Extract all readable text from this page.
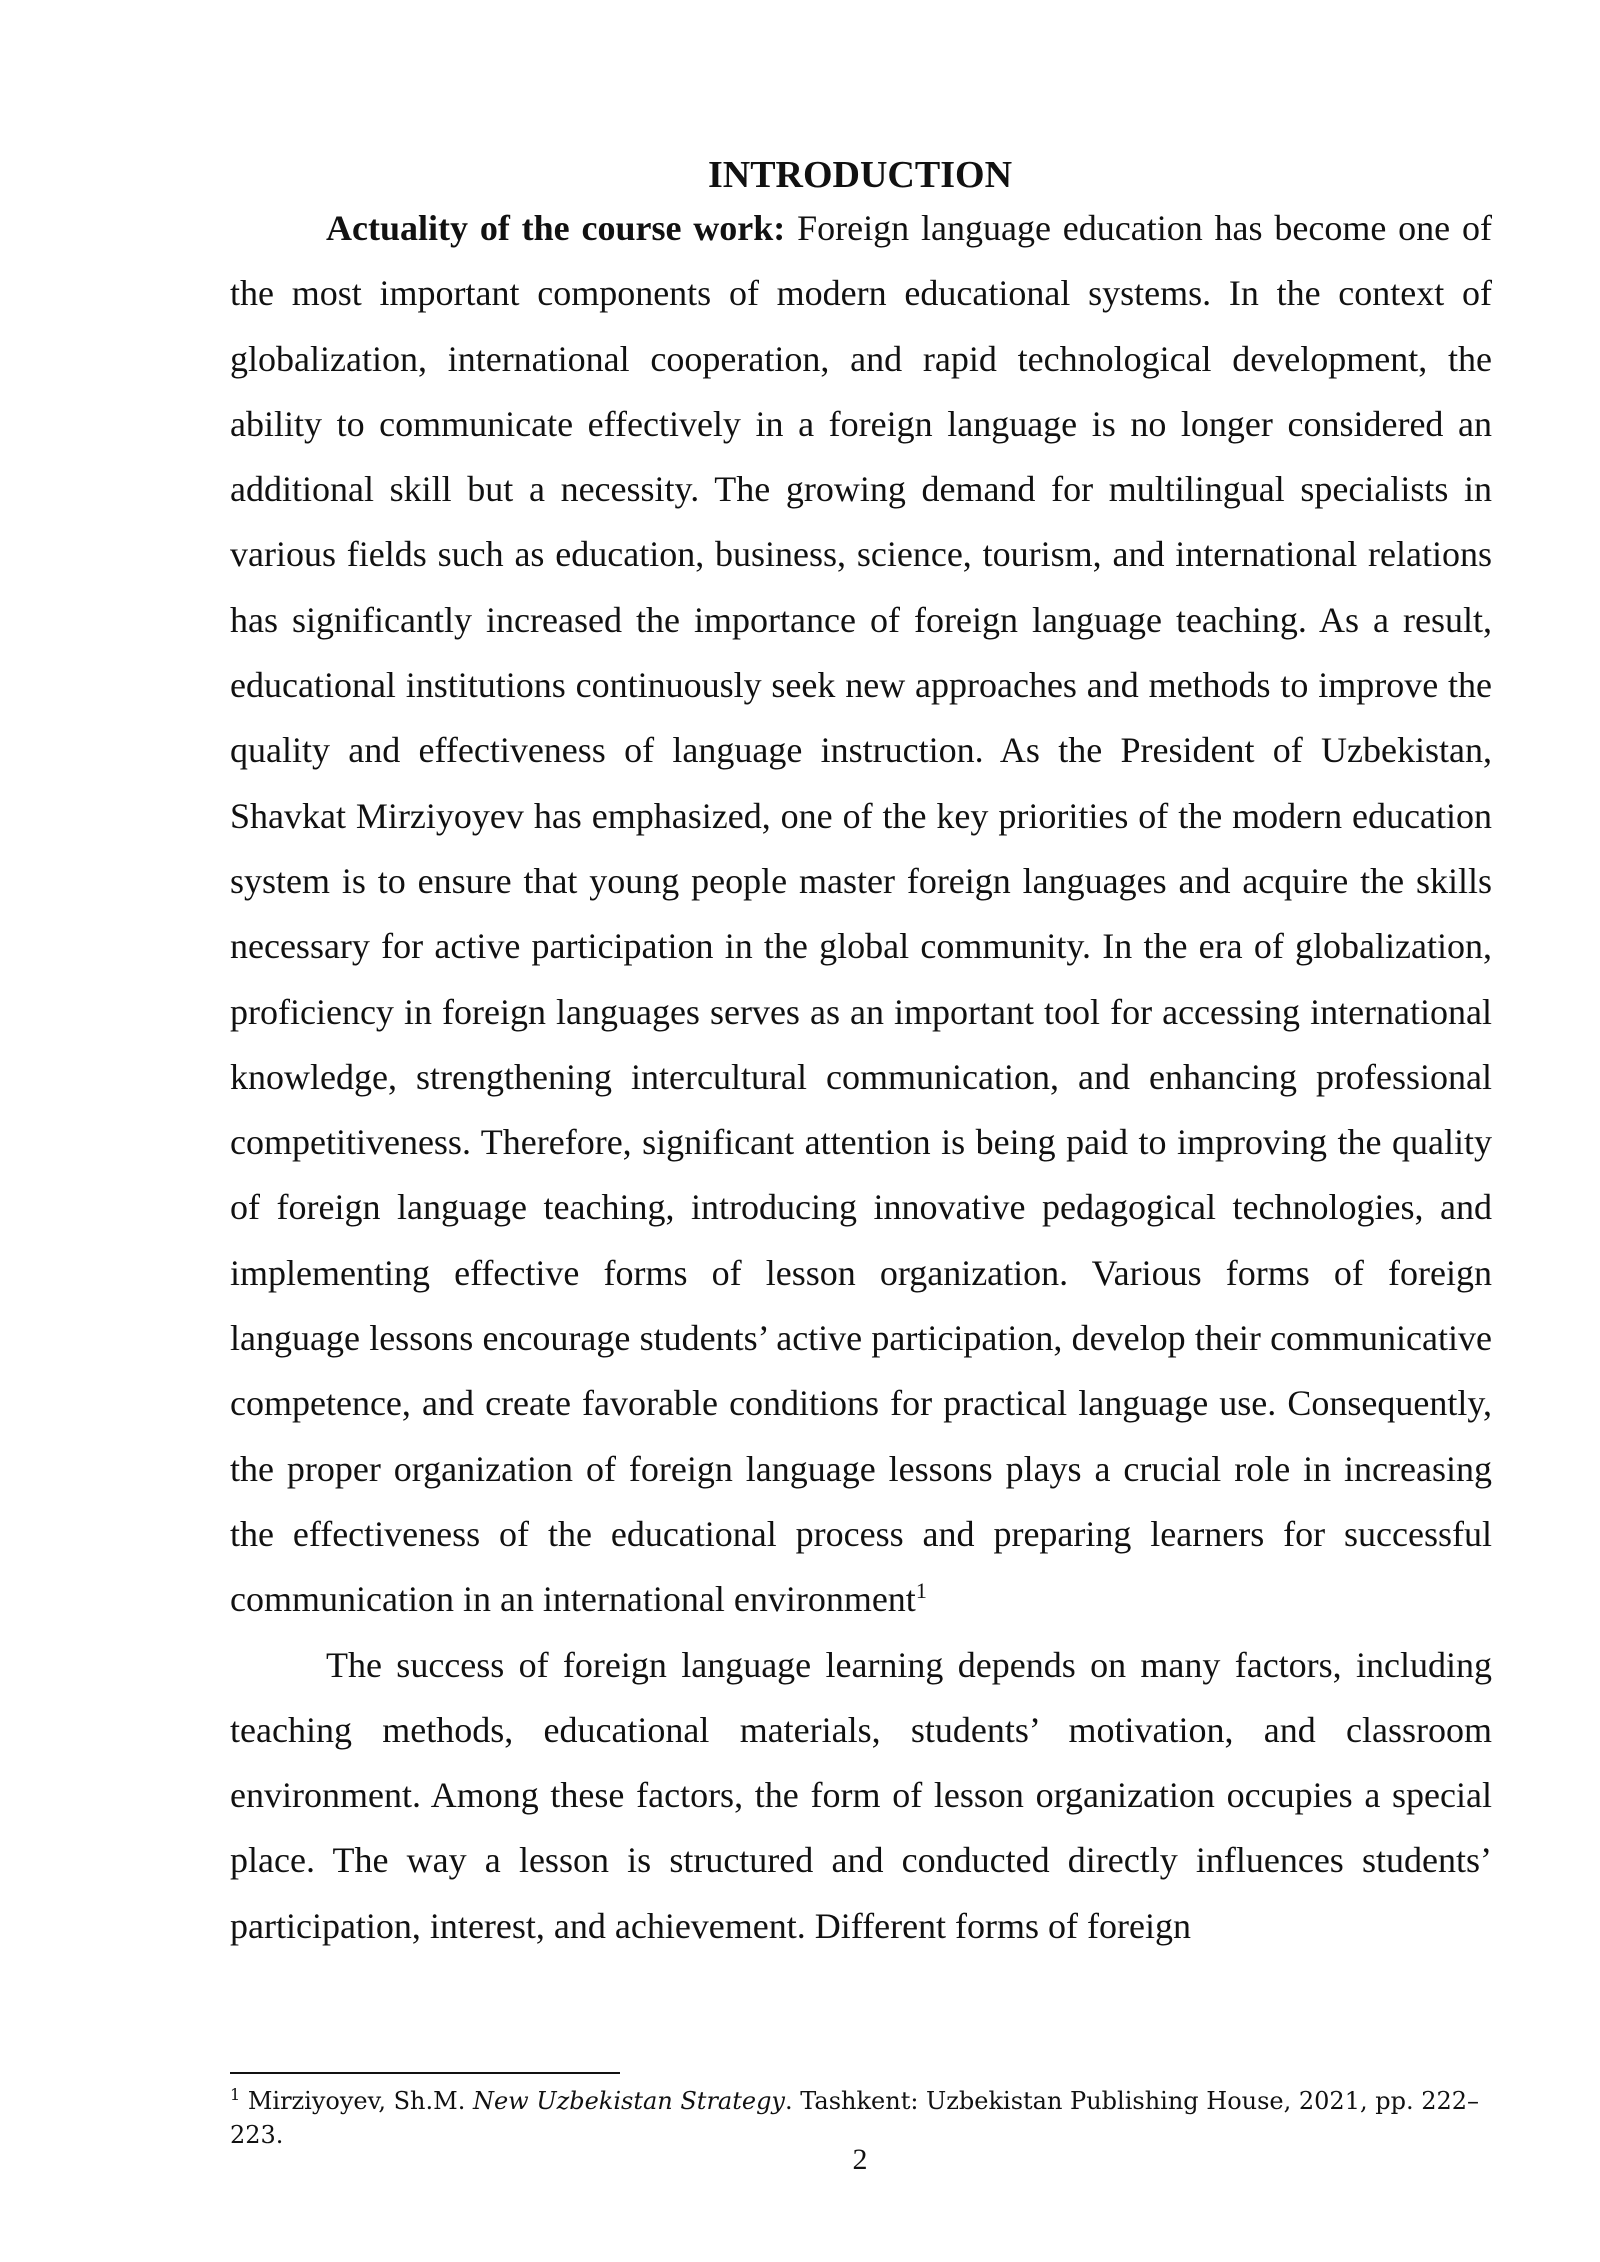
INTRODUCTION

Actuality of the course work: Foreign language education has become one of the most important components of modern educational systems. In the context of globalization, international cooperation, and rapid technological development, the ability to communicate effectively in a foreign language is no longer considered an additional skill but a necessity. The growing demand for multilingual specialists in various fields such as education, business, science, tourism, and international relations has significantly increased the importance of foreign language teaching. As a result, educational institutions continuously seek new approaches and methods to improve the quality and effectiveness of language instruction. As the President of Uzbekistan, Shavkat Mirziyoyev has emphasized, one of the key priorities of the modern education system is to ensure that young people master foreign languages and acquire the skills necessary for active participation in the global community. In the era of globalization, proficiency in foreign languages serves as an important tool for accessing international knowledge, strengthening intercultural communication, and enhancing professional competitiveness. Therefore, significant attention is being paid to improving the quality of foreign language teaching, introducing innovative pedagogical technologies, and implementing effective forms of lesson organization. Various forms of foreign language lessons encourage students’ active participation, develop their communicative competence, and create favorable conditions for practical language use. Consequently, the proper organization of foreign language lessons plays a crucial role in increasing the effectiveness of the educational process and preparing learners for successful communication in an international environment$^1$

The success of foreign language learning depends on many factors, including teaching methods, educational materials, students’ motivation, and classroom environment. Among these factors, the form of lesson organization occupies a special place. The way a lesson is structured and conducted directly influences students’ participation, interest, and achievement. Different forms of foreign

$^1$ Mirziyoyev, Sh.M. New Uzbekistan Strategy. Tashkent: Uzbekistan Publishing House, 2021, pp. 222–223.
2
